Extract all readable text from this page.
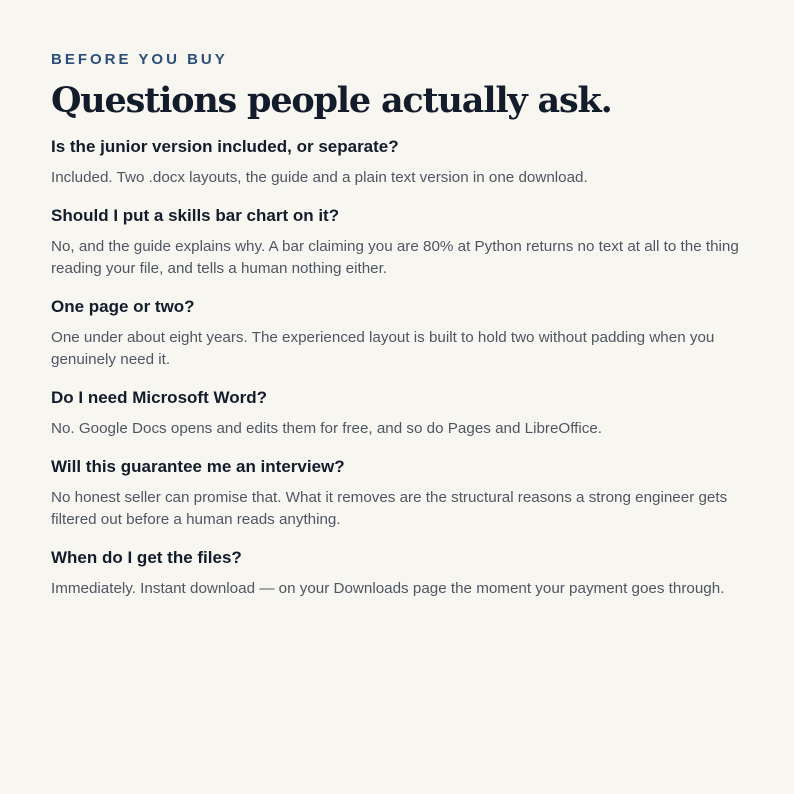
BEFORE YOU BUY

Questions people actually ask.
Is the junior version included, or separate?

Included. Two .docx layouts, the guide and a plain text version in one download.

Should I put a skills bar chart on it?

No, and the guide explains why. A bar claiming you are 80% at Python returns no text at all to the thing reading your file, and tells a human nothing either.

One page or two?

One under about eight years. The experienced layout is built to hold two without padding when you genuinely need it.

Do I need Microsoft Word?

No. Google Docs opens and edits them for free, and so do Pages and LibreOffice.

Will this guarantee me an interview?

No honest seller can promise that. What it removes are the structural reasons a strong engineer gets filtered out before a human reads anything.

When do I get the files?

Immediately. Instant download — on your Downloads page the moment your payment goes through.
